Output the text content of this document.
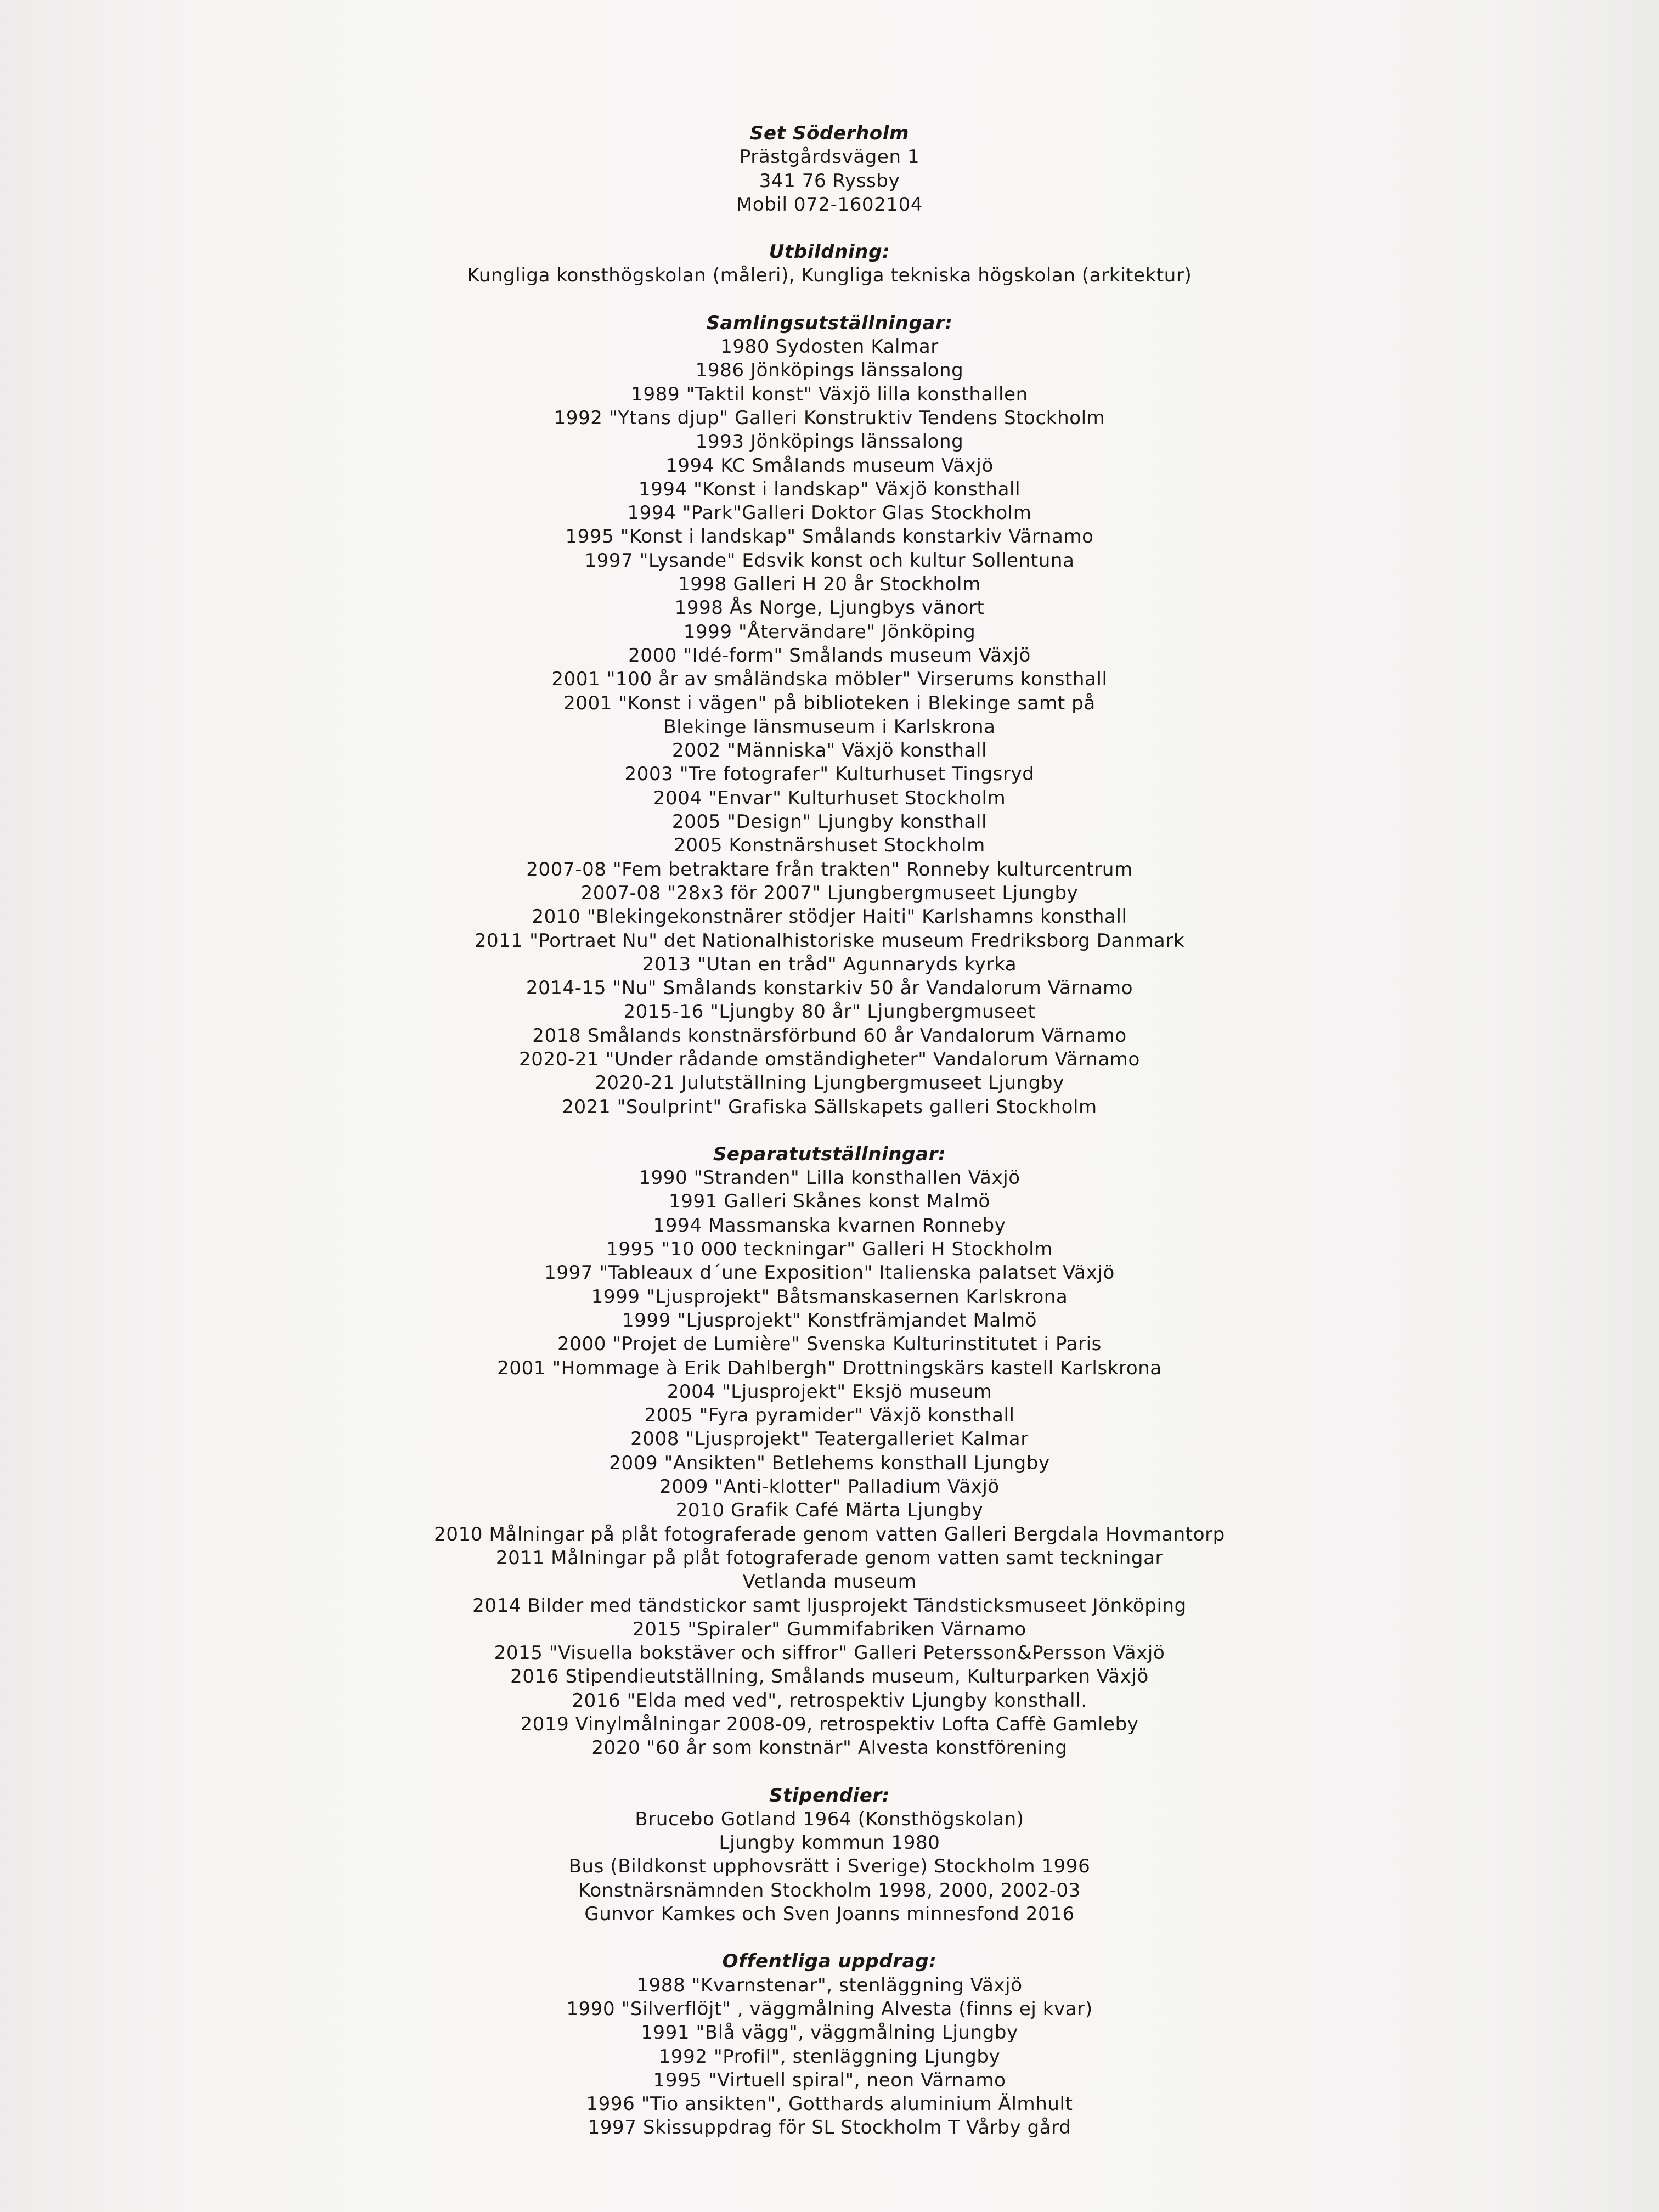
Set Söderholm
Prästgårdsvägen 1
341 76 Ryssby
Mobil 072-1602104
Utbildning:
Kungliga konsthögskolan (måleri), Kungliga tekniska högskolan (arkitektur)
Samlingsutställningar:
1980 Sydosten Kalmar
1986 Jönköpings länssalong
1989 "Taktil konst" Växjö lilla konsthallen
1992 "Ytans djup" Galleri Konstruktiv Tendens Stockholm
1993 Jönköpings länssalong
1994 KC Smålands museum Växjö
1994 "Konst i landskap" Växjö konsthall
1994 "Park"Galleri Doktor Glas Stockholm
1995 "Konst i landskap" Smålands konstarkiv Värnamo
1997 "Lysande" Edsvik konst och kultur Sollentuna
1998 Galleri H 20 år Stockholm
1998 Ås Norge, Ljungbys vänort
1999 "Återvändare" Jönköping
2000 "Idé-form" Smålands museum Växjö
2001 "100 år av småländska möbler" Virserums konsthall
2001 "Konst i vägen" på biblioteken i Blekinge samt på
Blekinge länsmuseum i Karlskrona
2002 "Människa" Växjö konsthall
2003 "Tre fotografer" Kulturhuset Tingsryd
2004 "Envar" Kulturhuset Stockholm
2005 "Design" Ljungby konsthall
2005 Konstnärshuset Stockholm
2007-08 "Fem betraktare från trakten" Ronneby kulturcentrum
2007-08 "28x3 för 2007" Ljungbergmuseet Ljungby
2010 "Blekingekonstnärer stödjer Haiti" Karlshamns konsthall
2011 "Portraet Nu" det Nationalhistoriske museum Fredriksborg Danmark
2013 "Utan en tråd" Agunnaryds kyrka
2014-15 "Nu" Smålands konstarkiv 50 år Vandalorum Värnamo
2015-16 "Ljungby 80 år" Ljungbergmuseet
2018 Smålands konstnärsförbund 60 år Vandalorum Värnamo
2020-21 "Under rådande omständigheter" Vandalorum Värnamo
2020-21 Julutställning Ljungbergmuseet Ljungby
2021 "Soulprint" Grafiska Sällskapets galleri Stockholm
Separatutställningar:
1990 "Stranden" Lilla konsthallen Växjö
1991 Galleri Skånes konst Malmö
1994 Massmanska kvarnen Ronneby
1995 "10 000 teckningar" Galleri H Stockholm
1997 "Tableaux d´une Exposition" Italienska palatset Växjö
1999 "Ljusprojekt" Båtsmanskasernen Karlskrona
1999 "Ljusprojekt" Konstfrämjandet Malmö
2000 "Projet de Lumière" Svenska Kulturinstitutet i Paris
2001 "Hommage à Erik Dahlbergh" Drottningskärs kastell Karlskrona
2004 "Ljusprojekt" Eksjö museum
2005 "Fyra pyramider" Växjö konsthall
2008 "Ljusprojekt" Teatergalleriet Kalmar
2009 "Ansikten" Betlehems konsthall Ljungby
2009 "Anti-klotter" Palladium Växjö
2010 Grafik Café Märta Ljungby
2010 Målningar på plåt fotograferade genom vatten Galleri Bergdala Hovmantorp
2011 Målningar på plåt fotograferade genom vatten samt teckningar
Vetlanda museum
2014 Bilder med tändstickor samt ljusprojekt Tändsticksmuseet Jönköping
2015 "Spiraler" Gummifabriken Värnamo
2015 "Visuella bokstäver och siffror" Galleri Petersson&Persson Växjö
2016 Stipendieutställning, Smålands museum, Kulturparken Växjö
2016 "Elda med ved", retrospektiv Ljungby konsthall.
2019 Vinylmålningar 2008-09, retrospektiv Lofta Caffè Gamleby
2020 "60 år som konstnär" Alvesta konstförening
Stipendier:
Brucebo Gotland 1964 (Konsthögskolan)
Ljungby kommun 1980
Bus (Bildkonst upphovsrätt i Sverige) Stockholm 1996
Konstnärsnämnden Stockholm 1998, 2000, 2002-03
Gunvor Kamkes och Sven Joanns minnesfond 2016
Offentliga uppdrag:
1988 "Kvarnstenar", stenläggning Växjö
1990 "Silverflöjt" , väggmålning Alvesta (finns ej kvar)
1991 "Blå vägg", väggmålning Ljungby
1992 "Profil", stenläggning Ljungby
1995 "Virtuell spiral", neon Värnamo
1996 "Tio ansikten", Gotthards aluminium Älmhult
1997 Skissuppdrag för SL Stockholm T Vårby gård
